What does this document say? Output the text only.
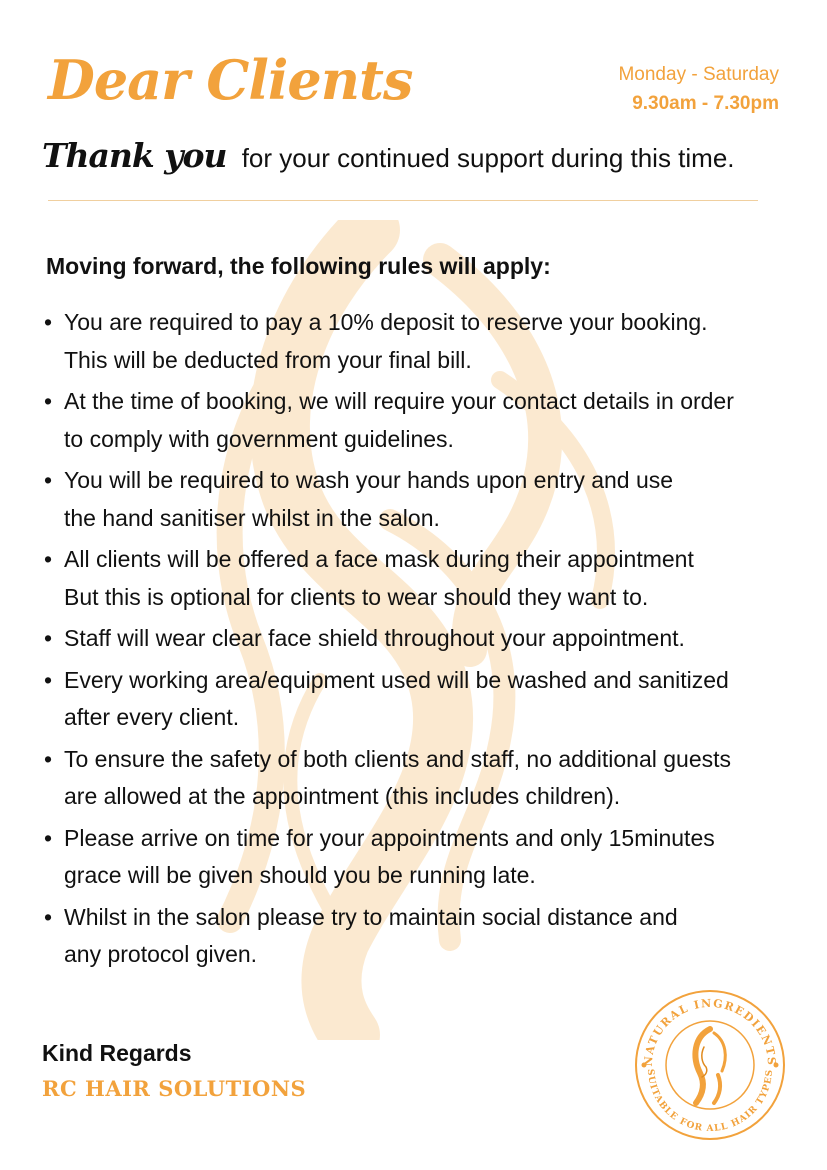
Dear Clients	Monday - Saturday
9.30am - 7.30pm
Thank you for your continued support during this time.
Moving forward, the following rules will apply:
• You are required to pay a 10% deposit to reserve your booking.
This will be deducted from your final bill.
• At the time of booking, we will require your contact details in order
to comply with government guidelines.
• You will be required to wash your hands upon entry and use
the hand sanitiser whilst in the salon.
• All clients will be offered a face mask during their appointment
But this is optional for clients to wear should they want to.
• Staff will wear clear face shield throughout your appointment.
• Every working area/equipment used will be washed and sanitized
after every client.
• To ensure the safety of both clients and staff, no additional guests
are allowed at the appointment (this includes children).
• Please arrive on time for your appointments and only 15minutes
grace will be given should you be running late.
• Whilst in the salon please try to maintain social distance and
any protocol given.
Kind Regards
RC HAIR SOLUTIONS
NATURAL INGREDIENTS
SUITABLE FOR ALL HAIR TYPES
